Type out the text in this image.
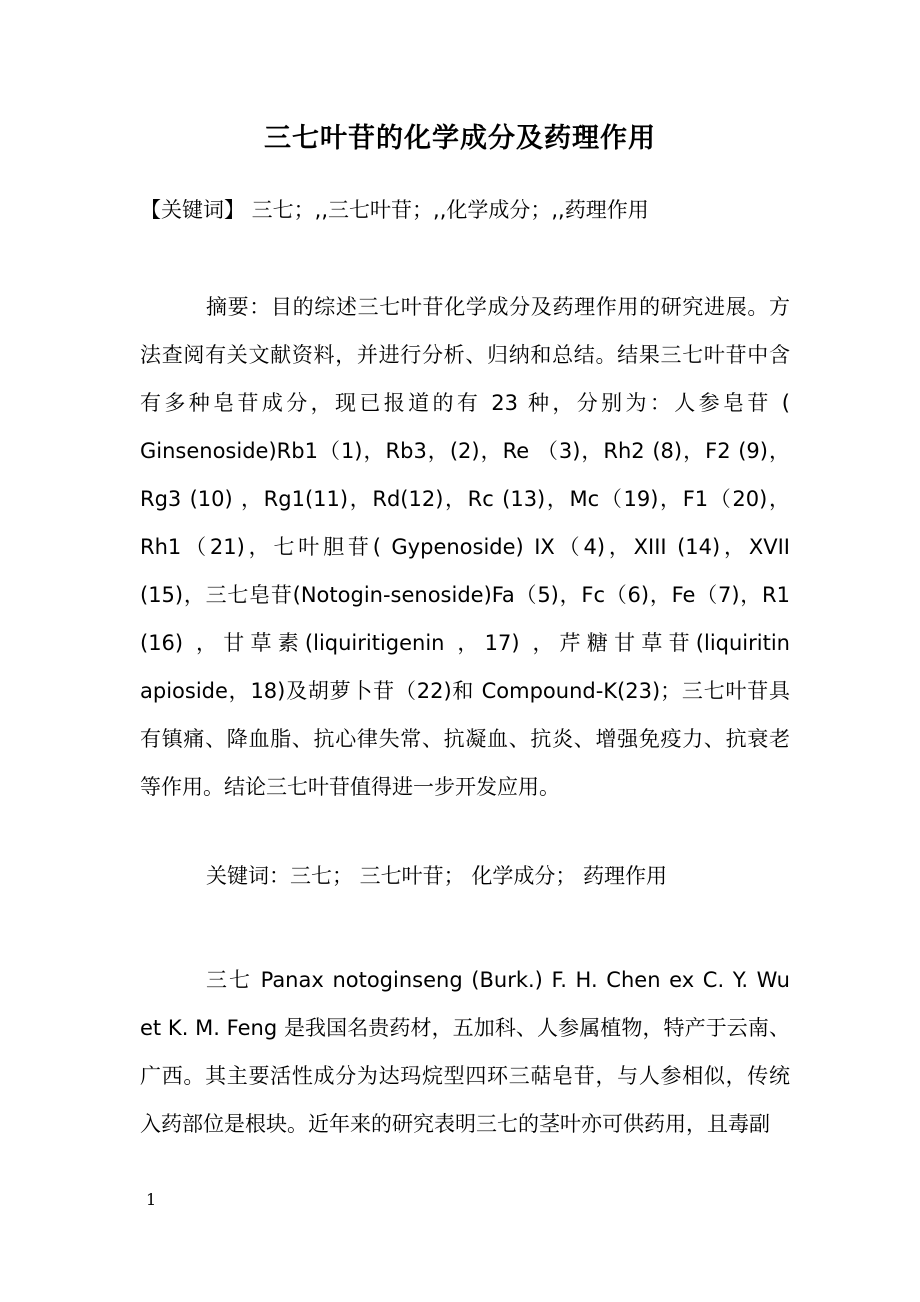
三七叶苷的化学成分及药理作用
【关键词】 三七；,,三七叶苷；,,化学成分；,,药理作用

摘要：目的综述三七叶苷化学成分及药理作用的研究进展。方法查阅有关文献资料，并进行分析、归纳和总结。结果三七叶苷中含有多种皂苷成分，现已报道的有 23 种，分别为：人参皂苷 ( Ginsenoside)Rb1（1)，Rb3，(2)，Re （3)，Rh2 (8)，F2 (9)，Rg3 (10) ，Rg1(11)，Rd(12)，Rc (13)，Mc（19)，F1（20)，Rh1（21)，七叶胆苷( Gypenoside) IX（4)，XIII (14)，XVII (15)，三七皂苷(Notogin-senoside)Fa（5)，Fc（6)，Fe（7)，R1 (16) ，甘草素(liquiritigenin ，17) ，芹糖甘草苷(liquiritin apioside，18)及胡萝卜苷（22)和 Compound-K(23)；三七叶苷具有镇痛、降血脂、抗心律失常、抗凝血、抗炎、增强免疫力、抗衰老等作用。结论三七叶苷值得进一步开发应用。

关键词：三七； 三七叶苷； 化学成分； 药理作用

三七 Panax notoginseng (Burk.) F. H. Chen ex C. Y. Wu et K. M. Feng 是我国名贵药材，五加科、人参属植物，特产于云南、广西。其主要活性成分为达玛烷型四环三萜皂苷，与人参相似，传统入药部位是根块。近年来的研究表明三七的茎叶亦可供药用，且毒副

1
